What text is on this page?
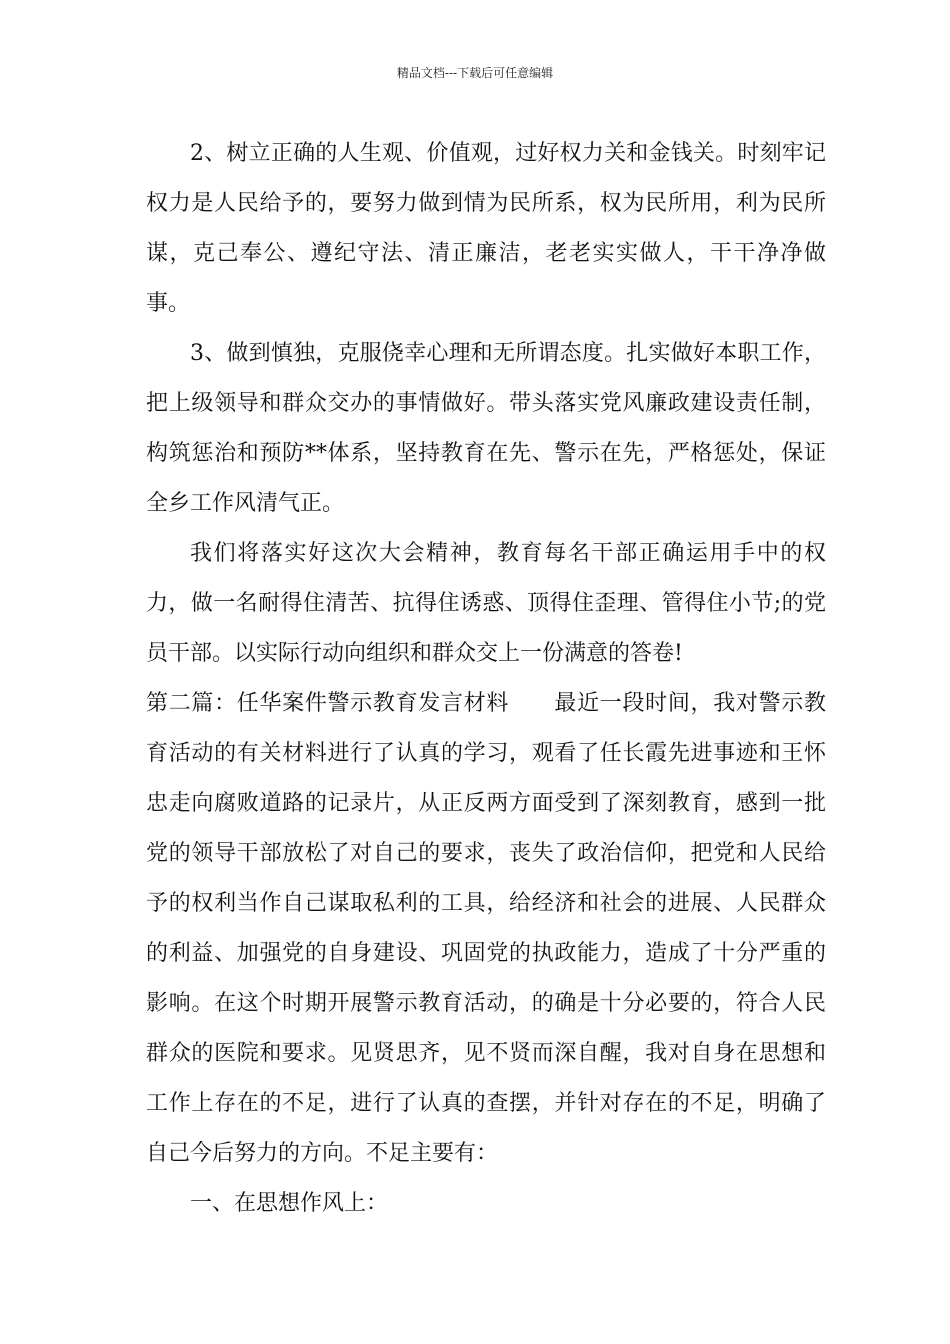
精品文档---下载后可任意编辑

2、树立正确的人生观、价值观，过好权力关和金钱关。时刻牢记权力是人民给予的，要努力做到情为民所系，权为民所用，利为民所谋，克己奉公、遵纪守法、清正廉洁，老老实实做人，干干净净做事。

3、做到慎独，克服侥幸心理和无所谓态度。扎实做好本职工作，把上级领导和群众交办的事情做好。带头落实党风廉政建设责任制，构筑惩治和预防**体系，坚持教育在先、警示在先，严格惩处，保证全乡工作风清气正。

我们将落实好这次大会精神，教育每名干部正确运用手中的权力，做一名耐得住清苦、抗得住诱惑、顶得住歪理、管得住小节;的党员干部。以实际行动向组织和群众交上一份满意的答卷!

第二篇：任华案件警示教育发言材料　　最近一段时间，我对警示教育活动的有关材料进行了认真的学习，观看了任长霞先进事迹和王怀忠走向腐败道路的记录片，从正反两方面受到了深刻教育，感到一批党的领导干部放松了对自己的要求，丧失了政治信仰，把党和人民给予的权利当作自己谋取私利的工具，给经济和社会的进展、人民群众的利益、加强党的自身建设、巩固党的执政能力，造成了十分严重的影响。在这个时期开展警示教育活动，的确是十分必要的，符合人民群众的医院和要求。见贤思齐，见不贤而深自醒，我对自身在思想和工作上存在的不足，进行了认真的查摆，并针对存在的不足，明确了自己今后努力的方向。不足主要有：

一、在思想作风上：
